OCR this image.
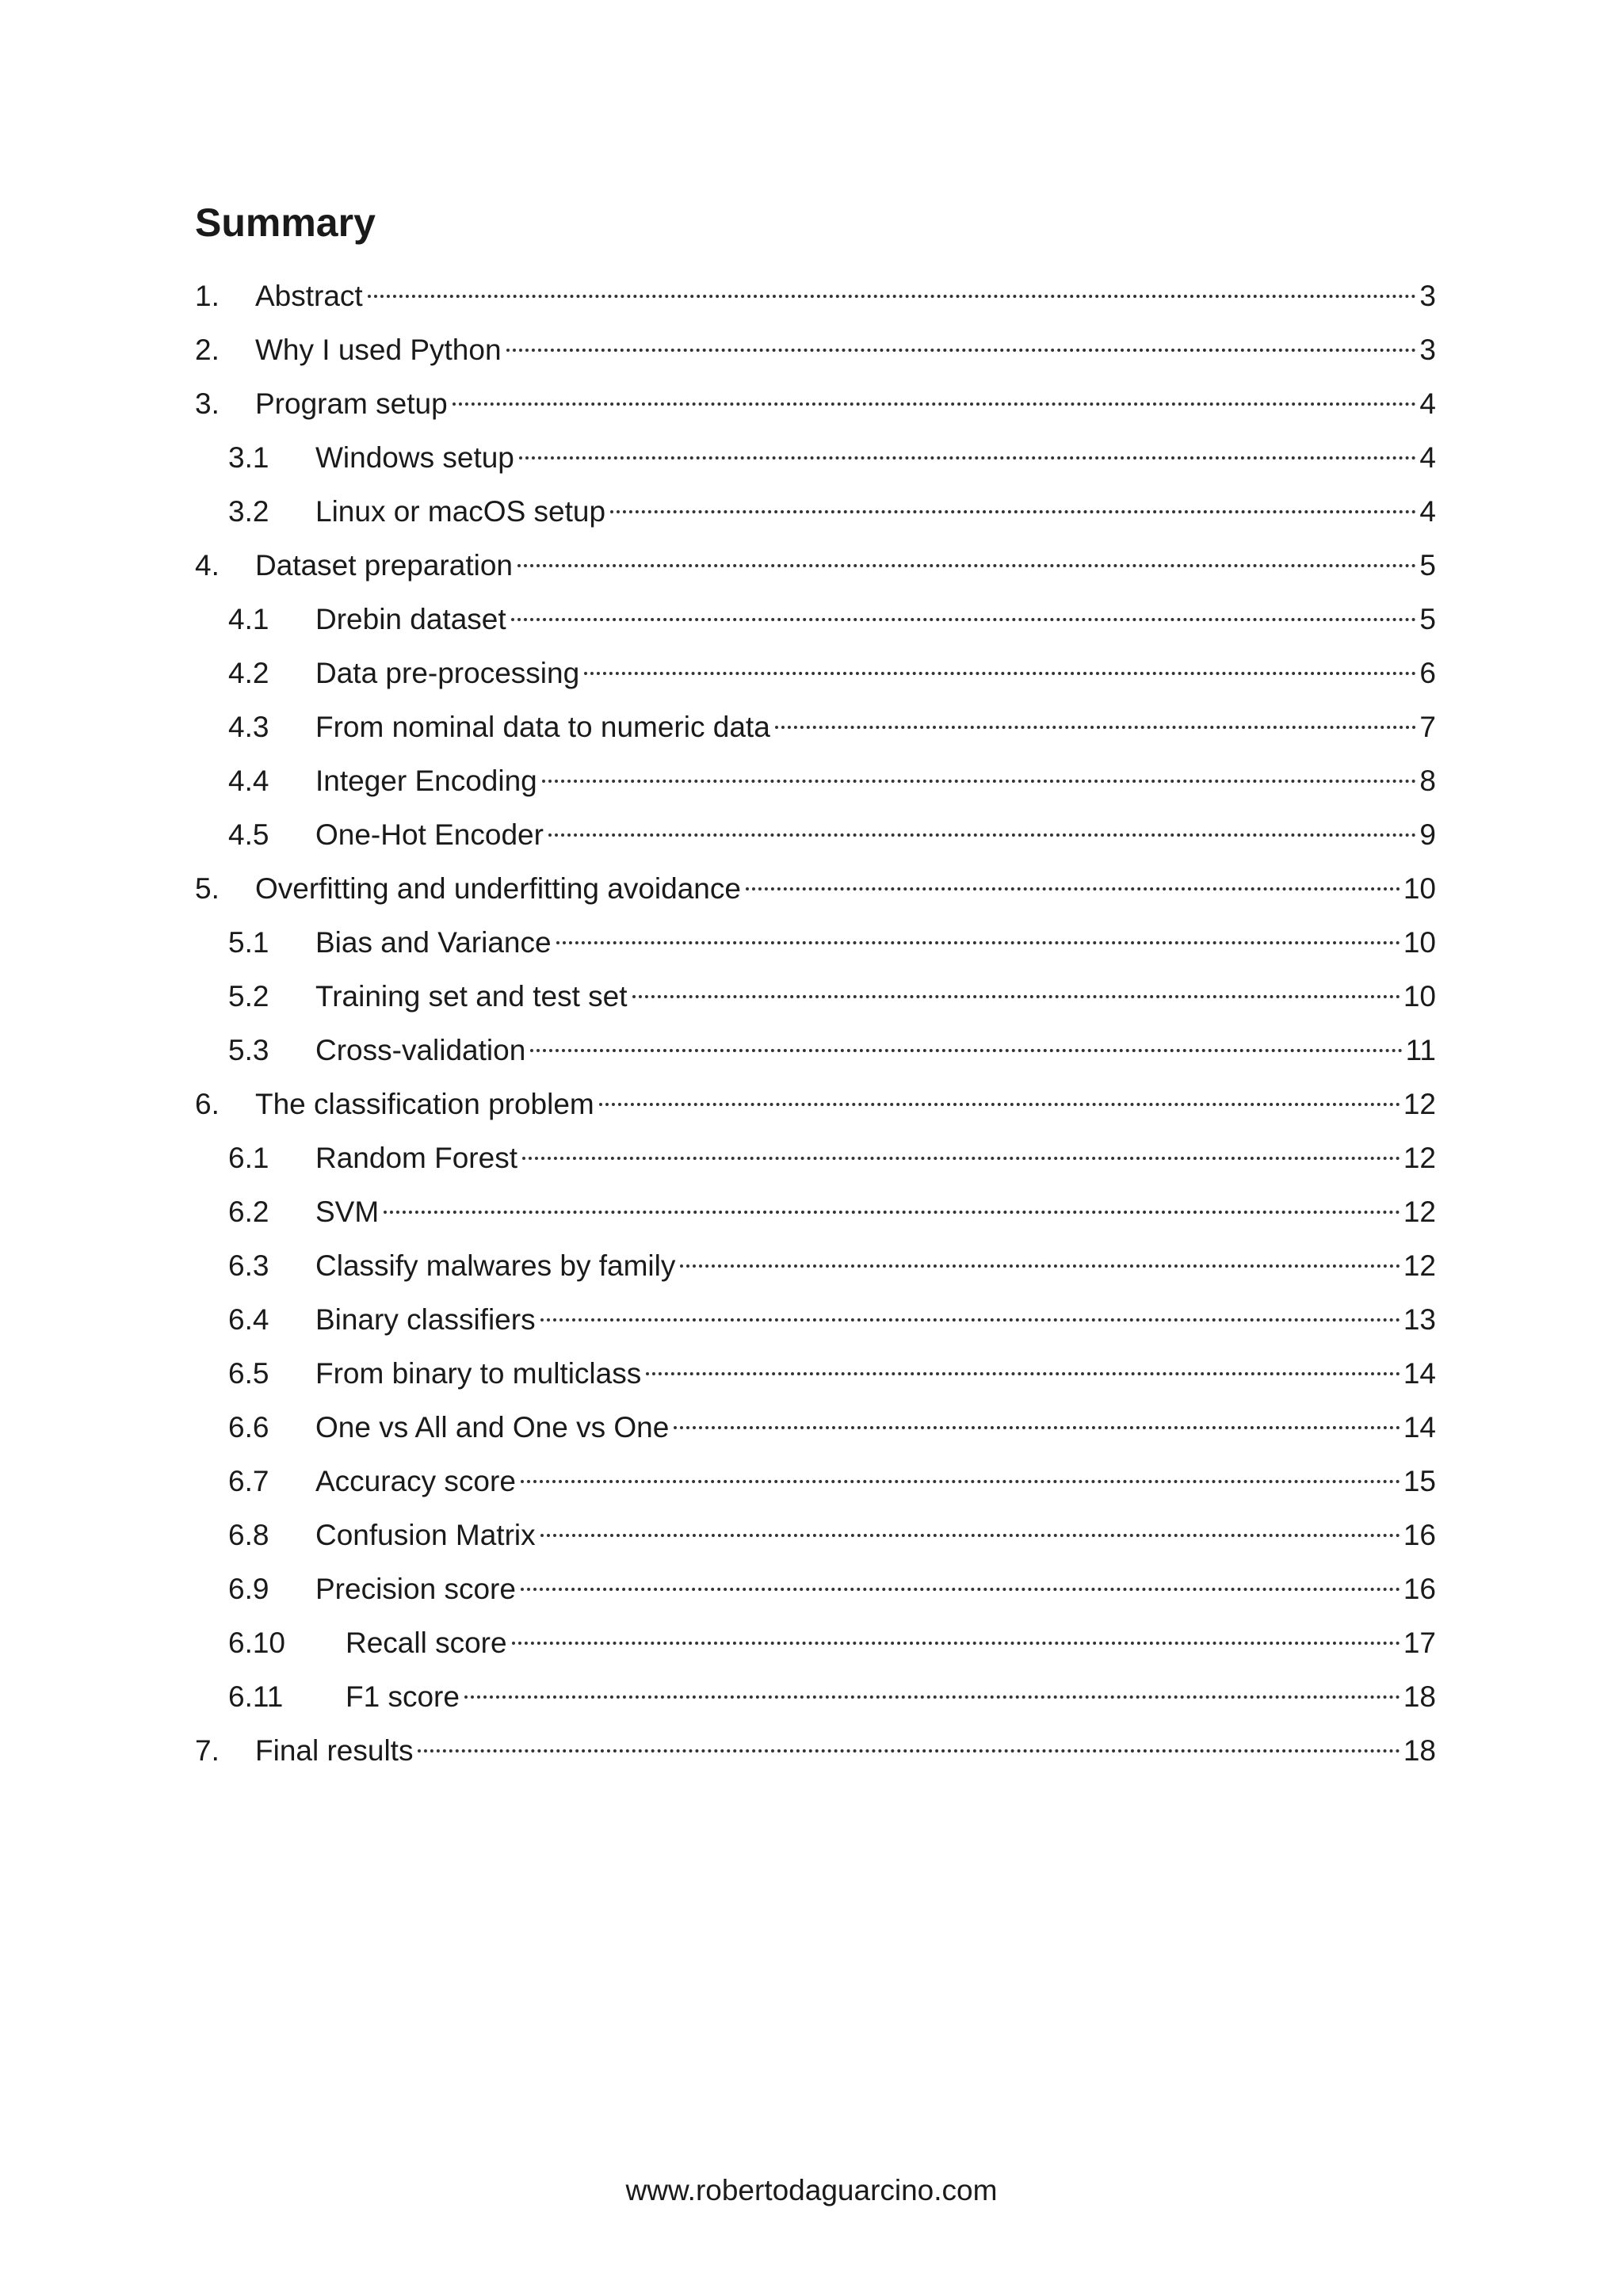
Summary
1. Abstract	3
2. Why I used Python	3
3. Program setup	4
3.1 Windows setup	4
3.2 Linux or macOS setup	4
4. Dataset preparation	5
4.1 Drebin dataset	5
4.2 Data pre-processing	6
4.3 From nominal data to numeric data	7
4.4 Integer Encoding	8
4.5 One-Hot Encoder	9
5. Overfitting and underfitting avoidance	10
5.1 Bias and Variance	10
5.2 Training set and test set	10
5.3 Cross-validation	11
6. The classification problem	12
6.1 Random Forest	12
6.2 SVM	12
6.3 Classify malwares by family	12
6.4 Binary classifiers	13
6.5 From binary to multiclass	14
6.6 One vs All and One vs One	14
6.7 Accuracy score	15
6.8 Confusion Matrix	16
6.9 Precision score	16
6.10 Recall score	17
6.11 F1 score	18
7. Final results	18
www.robertodaguarcino.com
